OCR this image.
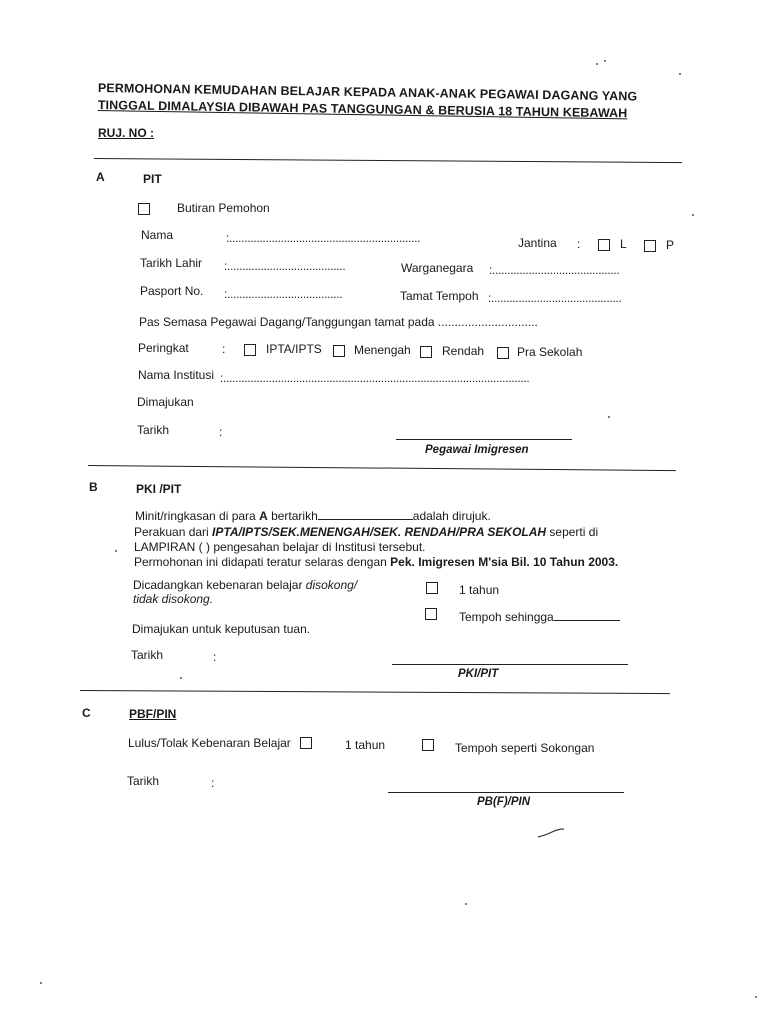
PERMOHONAN KEMUDAHAN BELAJAR KEPADA ANAK-ANAK PEGAWAI DAGANG YANG
TINGGAL DIMALAYSIA DIBAWAH PAS TANGGUNGAN & BERUSIA 18 TAHUN KEBAWAH
RUJ. NO :
A	PIT
Butiran Pemohon
Nama	:...............................................................	Jantina :	L	P
Tarikh Lahir :.......................................	Warganegara :..........................................
Pasport No. :......................................	Tamat Tempoh :...........................................
Pas Semasa Pegawai Dagang/Tanggungan tamat pada ..............................
Peringkat	:	IPTA/IPTS	Menengah	Rendah	Pra Sekolah
Nama Institusi :.....................................................................................................
Dimajukan
Tarikh	:
Pegawai Imigresen
B	PKI /PIT
Minit/ringkasan di para A bertarikh	adalah dirujuk.
Perakuan dari IPTA/IPTS/SEK.MENENGAH/SEK. RENDAH/PRA SEKOLAH seperti di
LAMPIRAN ( ) pengesahan belajar di Institusi tersebut.
Permohonan ini didapati teratur selaras dengan Pek. Imigresen M'sia Bil. 10 Tahun 2003.
Dicadangkan kebenaran belajar disokong/
tidak disokong.
1 tahun
Tempoh sehingga
Dimajukan untuk keputusan tuan.
Tarikh	:
PKI/PIT
C	PBF/PIN
Lulus/Tolak Kebenaran Belajar	1 tahun	Tempoh seperti Sokongan
Tarikh	:
PB(F)/PIN
